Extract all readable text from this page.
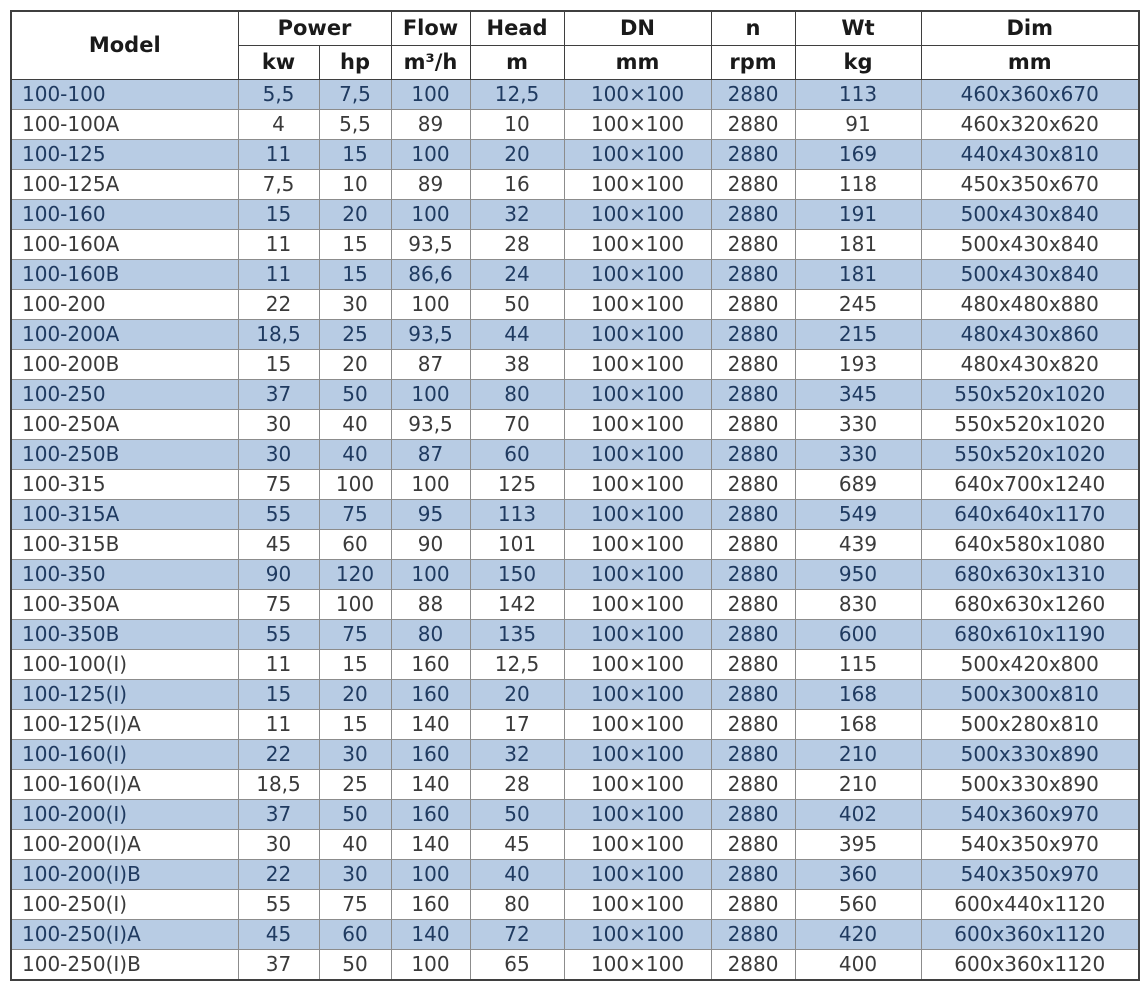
Model	Power		Flow	Head	DN	n	Wt	Dim
	kw	hp	m³/h	m	mm	rpm	kg	mm
100-100	5,5	7,5	100	12,5	100×100	2880	113	460x360x670
100-100A	4	5,5	89	10	100×100	2880	91	460x320x620
100-125	11	15	100	20	100×100	2880	169	440x430x810
100-125A	7,5	10	89	16	100×100	2880	118	450x350x670
100-160	15	20	100	32	100×100	2880	191	500x430x840
100-160A	11	15	93,5	28	100×100	2880	181	500x430x840
100-160B	11	15	86,6	24	100×100	2880	181	500x430x840
100-200	22	30	100	50	100×100	2880	245	480x480x880
100-200A	18,5	25	93,5	44	100×100	2880	215	480x430x860
100-200B	15	20	87	38	100×100	2880	193	480x430x820
100-250	37	50	100	80	100×100	2880	345	550x520x1020
100-250A	30	40	93,5	70	100×100	2880	330	550x520x1020
100-250B	30	40	87	60	100×100	2880	330	550x520x1020
100-315	75	100	100	125	100×100	2880	689	640x700x1240
100-315A	55	75	95	113	100×100	2880	549	640x640x1170
100-315B	45	60	90	101	100×100	2880	439	640x580x1080
100-350	90	120	100	150	100×100	2880	950	680x630x1310
100-350A	75	100	88	142	100×100	2880	830	680x630x1260
100-350B	55	75	80	135	100×100	2880	600	680x610x1190
100-100(I)	11	15	160	12,5	100×100	2880	115	500x420x800
100-125(I)	15	20	160	20	100×100	2880	168	500x300x810
100-125(I)A	11	15	140	17	100×100	2880	168	500x280x810
100-160(I)	22	30	160	32	100×100	2880	210	500x330x890
100-160(I)A	18,5	25	140	28	100×100	2880	210	500x330x890
100-200(I)	37	50	160	50	100×100	2880	402	540x360x970
100-200(I)A	30	40	140	45	100×100	2880	395	540x350x970
100-200(I)B	22	30	100	40	100×100	2880	360	540x350x970
100-250(I)	55	75	160	80	100×100	2880	560	600x440x1120
100-250(I)A	45	60	140	72	100×100	2880	420	600x360x1120
100-250(I)B	37	50	100	65	100×100	2880	400	600x360x1120
